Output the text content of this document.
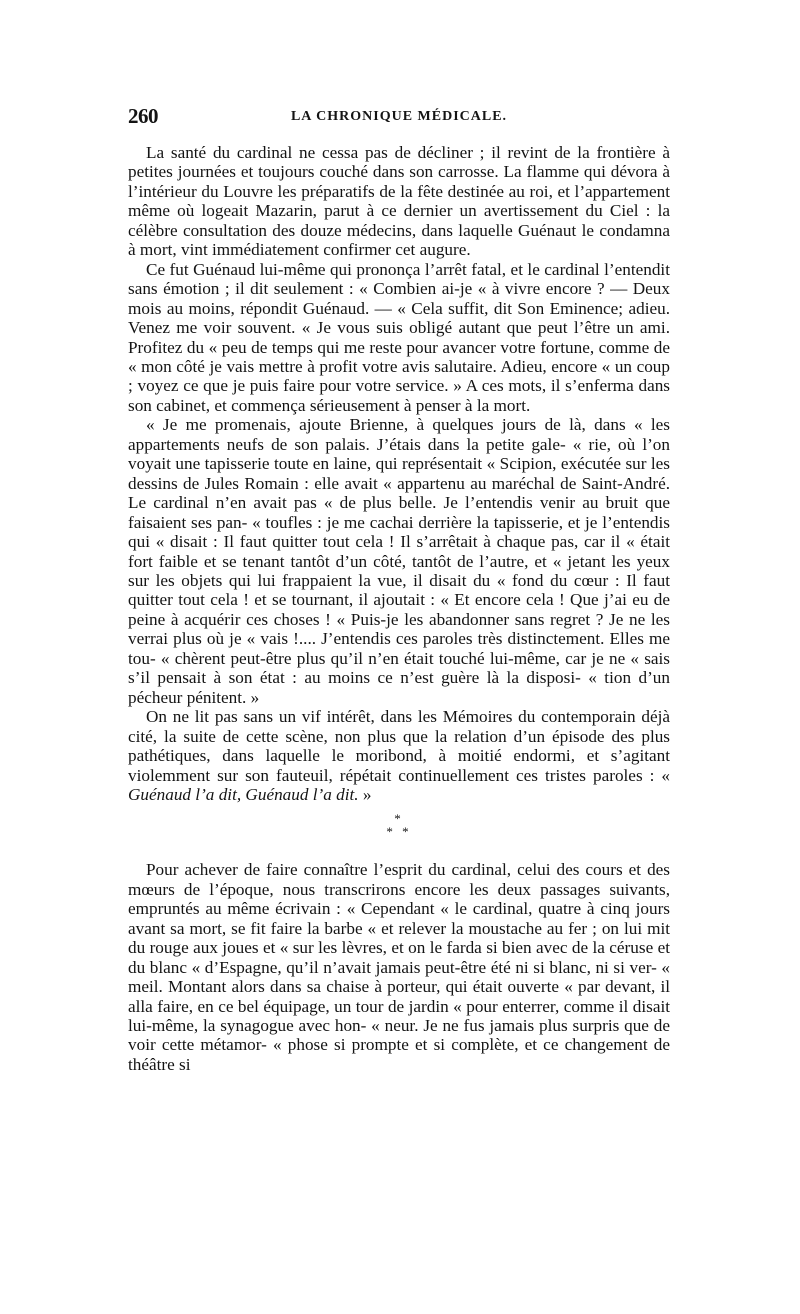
260	LA CHRONIQUE MÉDICALE.

La santé du cardinal ne cessa pas de décliner ; il revint de la frontière à petites journées et toujours couché dans son carrosse. La flamme qui dévora à l’intérieur du Louvre les préparatifs de la fête destinée au roi, et l’appartement même où logeait Mazarin, parut à ce dernier un avertissement du Ciel : la célèbre consultation des douze médecins, dans laquelle Guénaut le condamna à mort, vint immédiatement confirmer cet augure.

Ce fut Guénaud lui-même qui prononça l’arrêt fatal, et le cardinal l’entendit sans émotion ; il dit seulement : « Combien ai-je « à vivre encore ? — Deux mois au moins, répondit Guénaud. — « Cela suffit, dit Son Eminence; adieu. Venez me voir souvent. « Je vous suis obligé autant que peut l’être un ami. Profitez du « peu de temps qui me reste pour avancer votre fortune, comme de « mon côté je vais mettre à profit votre avis salutaire. Adieu, encore « un coup ; voyez ce que je puis faire pour votre service. » A ces mots, il s’enferma dans son cabinet, et commença sérieusement à penser à la mort.

« Je me promenais, ajoute Brienne, à quelques jours de là, dans « les appartements neufs de son palais. J’étais dans la petite gale- « rie, où l’on voyait une tapisserie toute en laine, qui représentait « Scipion, exécutée sur les dessins de Jules Romain : elle avait « appartenu au maréchal de Saint-André. Le cardinal n’en avait pas « de plus belle. Je l’entendis venir au bruit que faisaient ses pan- « toufles : je me cachai derrière la tapisserie, et je l’entendis qui « disait : Il faut quitter tout cela ! Il s’arrêtait à chaque pas, car il « était fort faible et se tenant tantôt d’un côté, tantôt de l’autre, et « jetant les yeux sur les objets qui lui frappaient la vue, il disait du « fond du cœur : Il faut quitter tout cela ! et se tournant, il ajoutait : « Et encore cela ! Que j’ai eu de peine à acquérir ces choses ! « Puis-je les abandonner sans regret ? Je ne les verrai plus où je « vais !.... J’entendis ces paroles très distinctement. Elles me tou- « chèrent peut-être plus qu’il n’en était touché lui-même, car je ne « sais s’il pensait à son état : au moins ce n’est guère là la disposi- « tion d’un pécheur pénitent. »

On ne lit pas sans un vif intérêt, dans les Mémoires du contemporain déjà cité, la suite de cette scène, non plus que la relation d’un épisode des plus pathétiques, dans laquelle le moribond, à moitié endormi, et s’agitant violemment sur son fauteuil, répétait continuellement ces tristes paroles : « Guénaud l’a dit, Guénaud l’a dit. »

*
* *

Pour achever de faire connaître l’esprit du cardinal, celui des cours et des mœurs de l’époque, nous transcrirons encore les deux passages suivants, empruntés au même écrivain : « Cependant « le cardinal, quatre à cinq jours avant sa mort, se fit faire la barbe « et relever la moustache au fer ; on lui mit du rouge aux joues et « sur les lèvres, et on le farda si bien avec de la céruse et du blanc « d’Espagne, qu’il n’avait jamais peut-être été ni si blanc, ni si ver- « meil. Montant alors dans sa chaise à porteur, qui était ouverte « par devant, il alla faire, en ce bel équipage, un tour de jardin « pour enterrer, comme il disait lui-même, la synagogue avec hon- « neur. Je ne fus jamais plus surpris que de voir cette métamor- « phose si prompte et si complète, et ce changement de théâtre si
